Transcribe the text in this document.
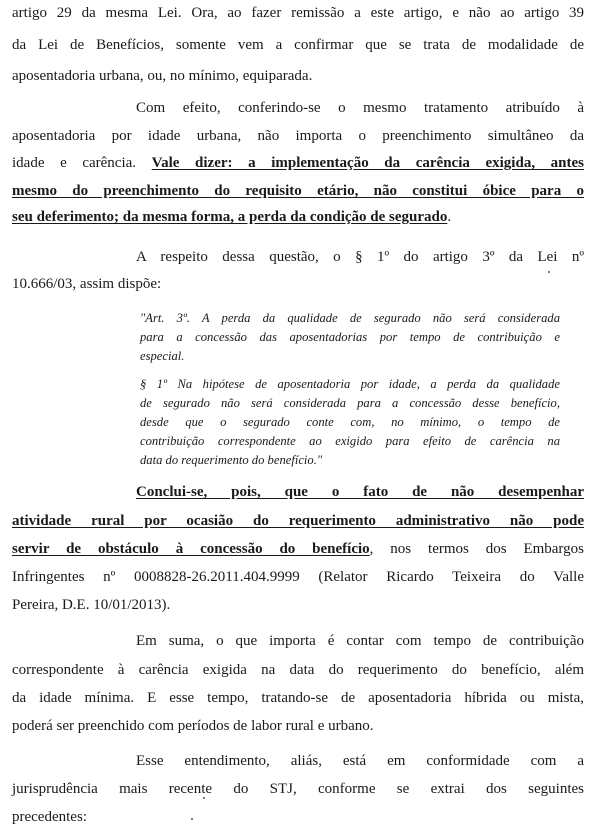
artigo 29 da mesma Lei. Ora, ao fazer remissão a este artigo, e não ao artigo 39

da Lei de Benefícios, somente vem a confirmar que se trata de modalidade de

aposentadoria urbana, ou, no mínimo, equiparada.

Com efeito, conferindo-se o mesmo tratamento atribuído à

aposentadoria por idade urbana, não importa o preenchimento simultâneo da

idade e carência. Vale dizer: a implementação da carência exigida, antes

mesmo do preenchimento do requisito etário, não constitui óbice para o

seu deferimento; da mesma forma, a perda da condição de segurado.

A respeito dessa questão, o § 1º do artigo 3º da Lei nº

10.666/03, assim dispõe:

"Art. 3º. A perda da qualidade de segurado não será considerada

para a concessão das aposentadorias por tempo de contribuição e

especial.

§ 1º Na hipótese de aposentadoria por idade, a perda da qualidade

de segurado não será considerada para a concessão desse benefício,

desde que o segurado conte com, no mínimo, o tempo de

contribuição correspondente ao exigido para efeito de carência na

data do requerimento do benefício."

Conclui-se, pois, que o fato de não desempenhar

atividade rural por ocasião do requerimento administrativo não pode

servir de obstáculo à concessão do benefício, nos termos dos Embargos

Infringentes nº 0008828-26.2011.404.9999 (Relator Ricardo Teixeira do Valle

Pereira, D.E. 10/01/2013).

Em suma, o que importa é contar com tempo de contribuição

correspondente à carência exigida na data do requerimento do benefício, além

da idade mínima. E esse tempo, tratando-se de aposentadoria híbrida ou mista,

poderá ser preenchido com períodos de labor rural e urbano.

Esse entendimento, aliás, está em conformidade com a

jurisprudência mais recente do STJ, conforme se extrai dos seguintes

precedentes:
